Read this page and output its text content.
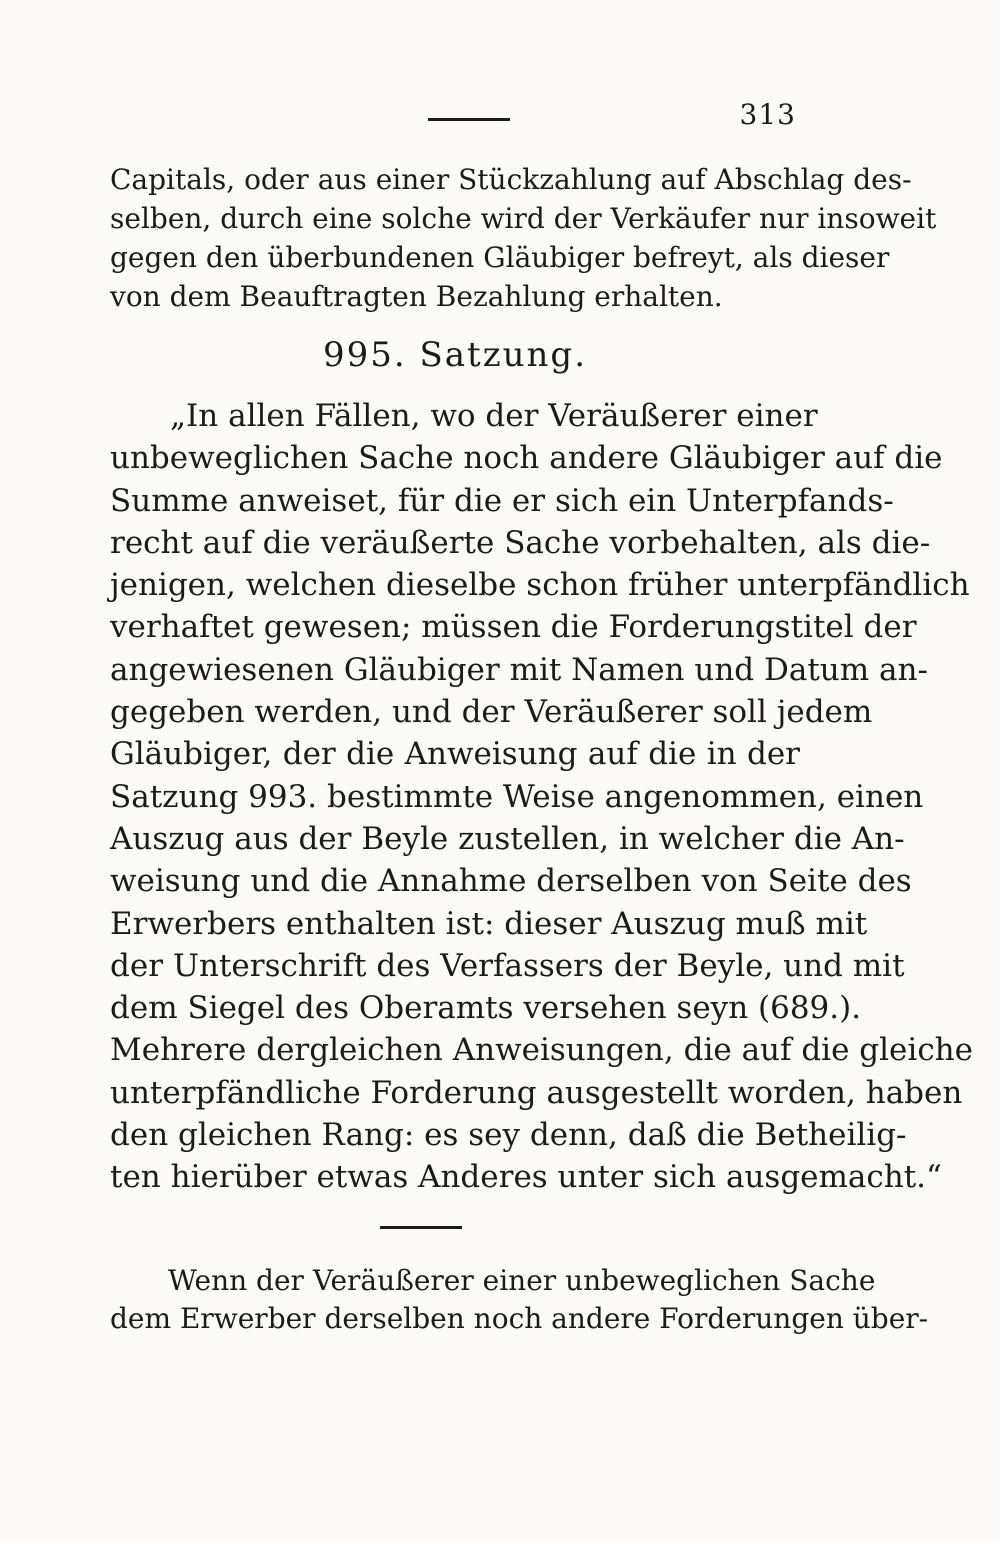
313
Capitals, oder aus einer Stückzahlung auf Abschlag des-
selben, durch eine solche wird der Verkäufer nur insoweit
gegen den überbundenen Gläubiger befreyt, als dieser
von dem Beauftragten Bezahlung erhalten.
995. Satzung.
„In allen Fällen, wo der Veräußerer einer
unbeweglichen Sache noch andere Gläubiger auf die
Summe anweiset, für die er sich ein Unterpfands-
recht auf die veräußerte Sache vorbehalten, als die-
jenigen, welchen dieselbe schon früher unterpfändlich
verhaftet gewesen; müssen die Forderungstitel der
angewiesenen Gläubiger mit Namen und Datum an-
gegeben werden, und der Veräußerer soll jedem
Gläubiger, der die Anweisung auf die in der
Satzung 993. bestimmte Weise angenommen, einen
Auszug aus der Beyle zustellen, in welcher die An-
weisung und die Annahme derselben von Seite des
Erwerbers enthalten ist: dieser Auszug muß mit
der Unterschrift des Verfassers der Beyle, und mit
dem Siegel des Oberamts versehen seyn (689.).
Mehrere dergleichen Anweisungen, die auf die gleiche
unterpfändliche Forderung ausgestellt worden, haben
den gleichen Rang: es sey denn, daß die Betheilig-
ten hierüber etwas Anderes unter sich ausgemacht.“
Wenn der Veräußerer einer unbeweglichen Sache
dem Erwerber derselben noch andere Forderungen über-
